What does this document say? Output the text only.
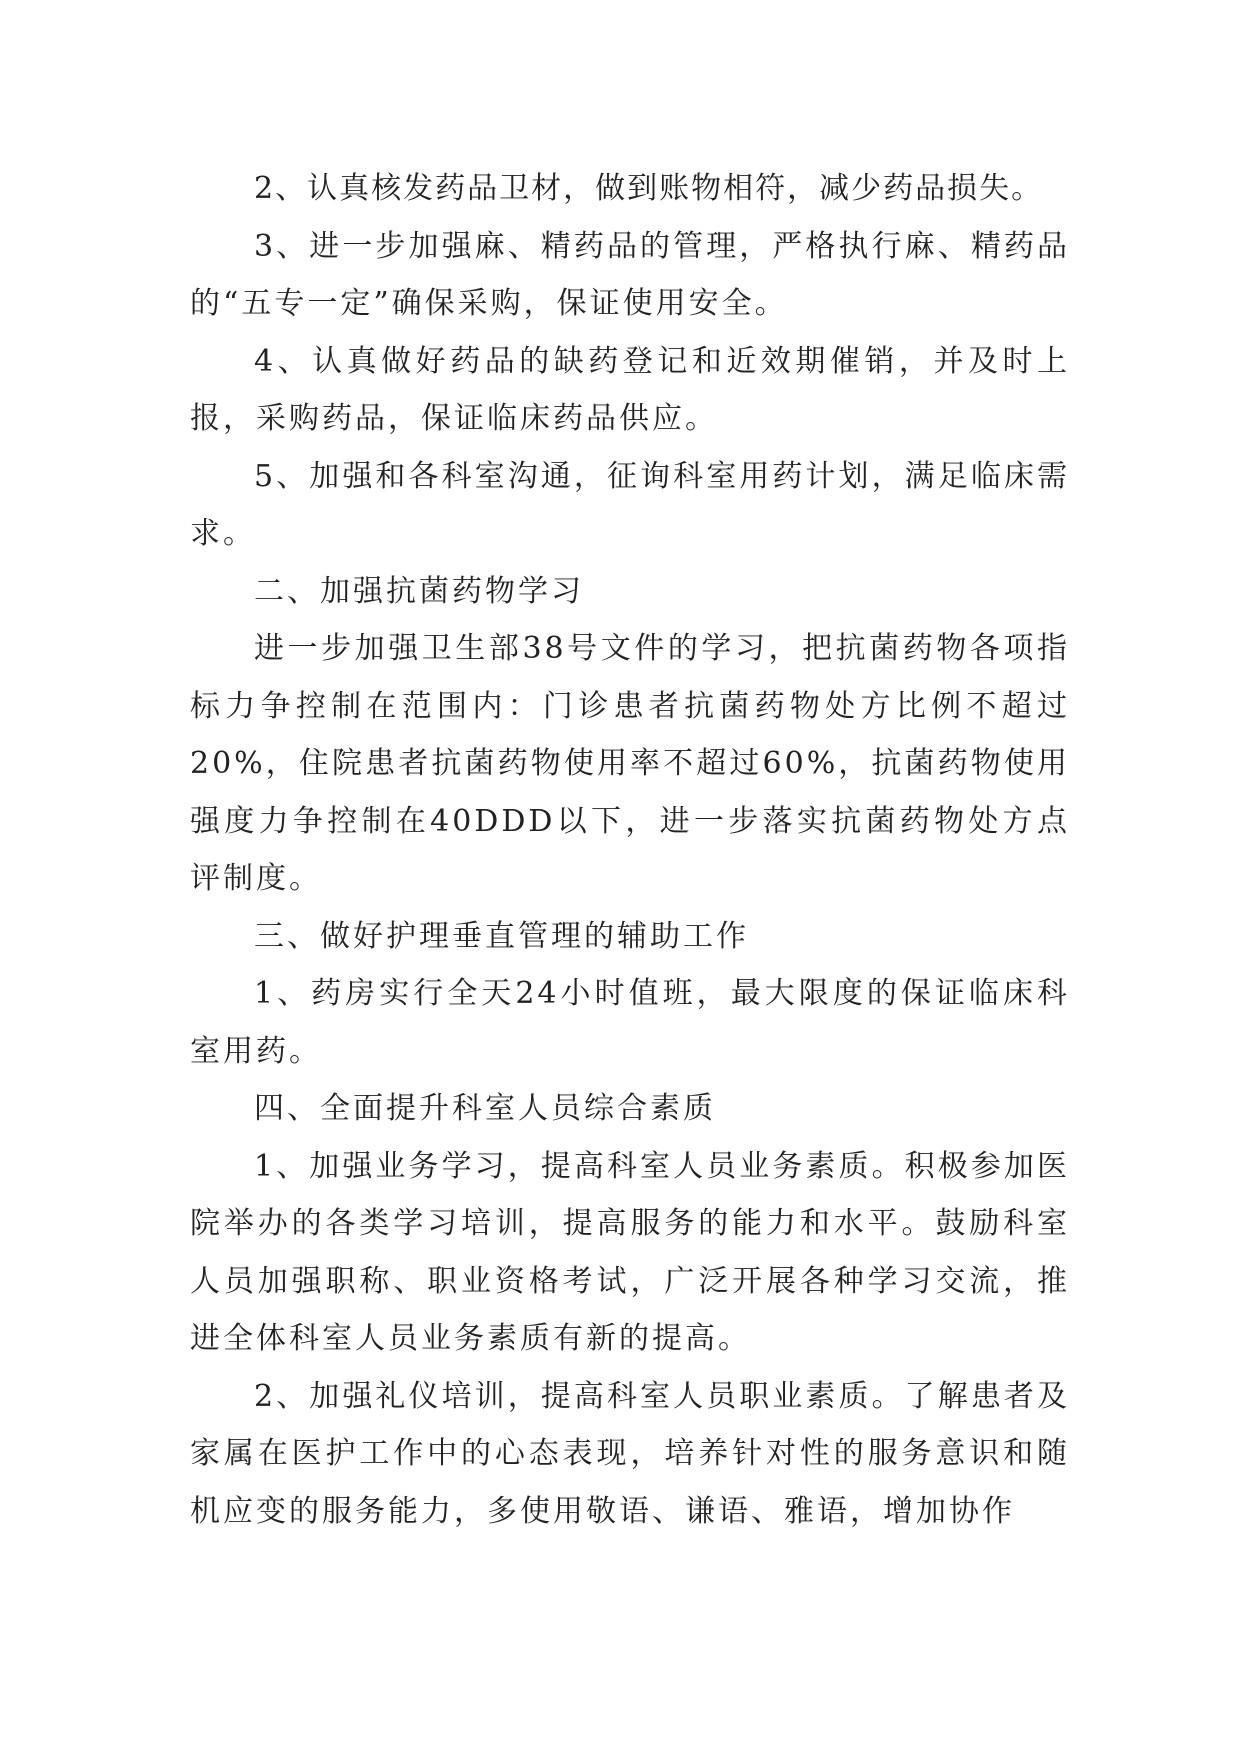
2、认真核发药品卫材，做到账物相符，减少药品损失。

3、进一步加强麻、精药品的管理，严格执行麻、精药品的“五专一定”确保采购，保证使用安全。

4、认真做好药品的缺药登记和近效期催销，并及时上报，采购药品，保证临床药品供应。

5、加强和各科室沟通，征询科室用药计划，满足临床需求。

二、加强抗菌药物学习

进一步加强卫生部38号文件的学习，把抗菌药物各项指标力争控制在范围内：门诊患者抗菌药物处方比例不超过20%，住院患者抗菌药物使用率不超过60%，抗菌药物使用强度力争控制在40DDD以下，进一步落实抗菌药物处方点评制度。

三、做好护理垂直管理的辅助工作

1、药房实行全天24小时值班，最大限度的保证临床科室用药。

四、全面提升科室人员综合素质

1、加强业务学习，提高科室人员业务素质。积极参加医院举办的各类学习培训，提高服务的能力和水平。鼓励科室人员加强职称、职业资格考试，广泛开展各种学习交流，推进全体科室人员业务素质有新的提高。

2、加强礼仪培训，提高科室人员职业素质。了解患者及家属在医护工作中的心态表现，培养针对性的服务意识和随机应变的服务能力，多使用敬语、谦语、雅语，增加协作
